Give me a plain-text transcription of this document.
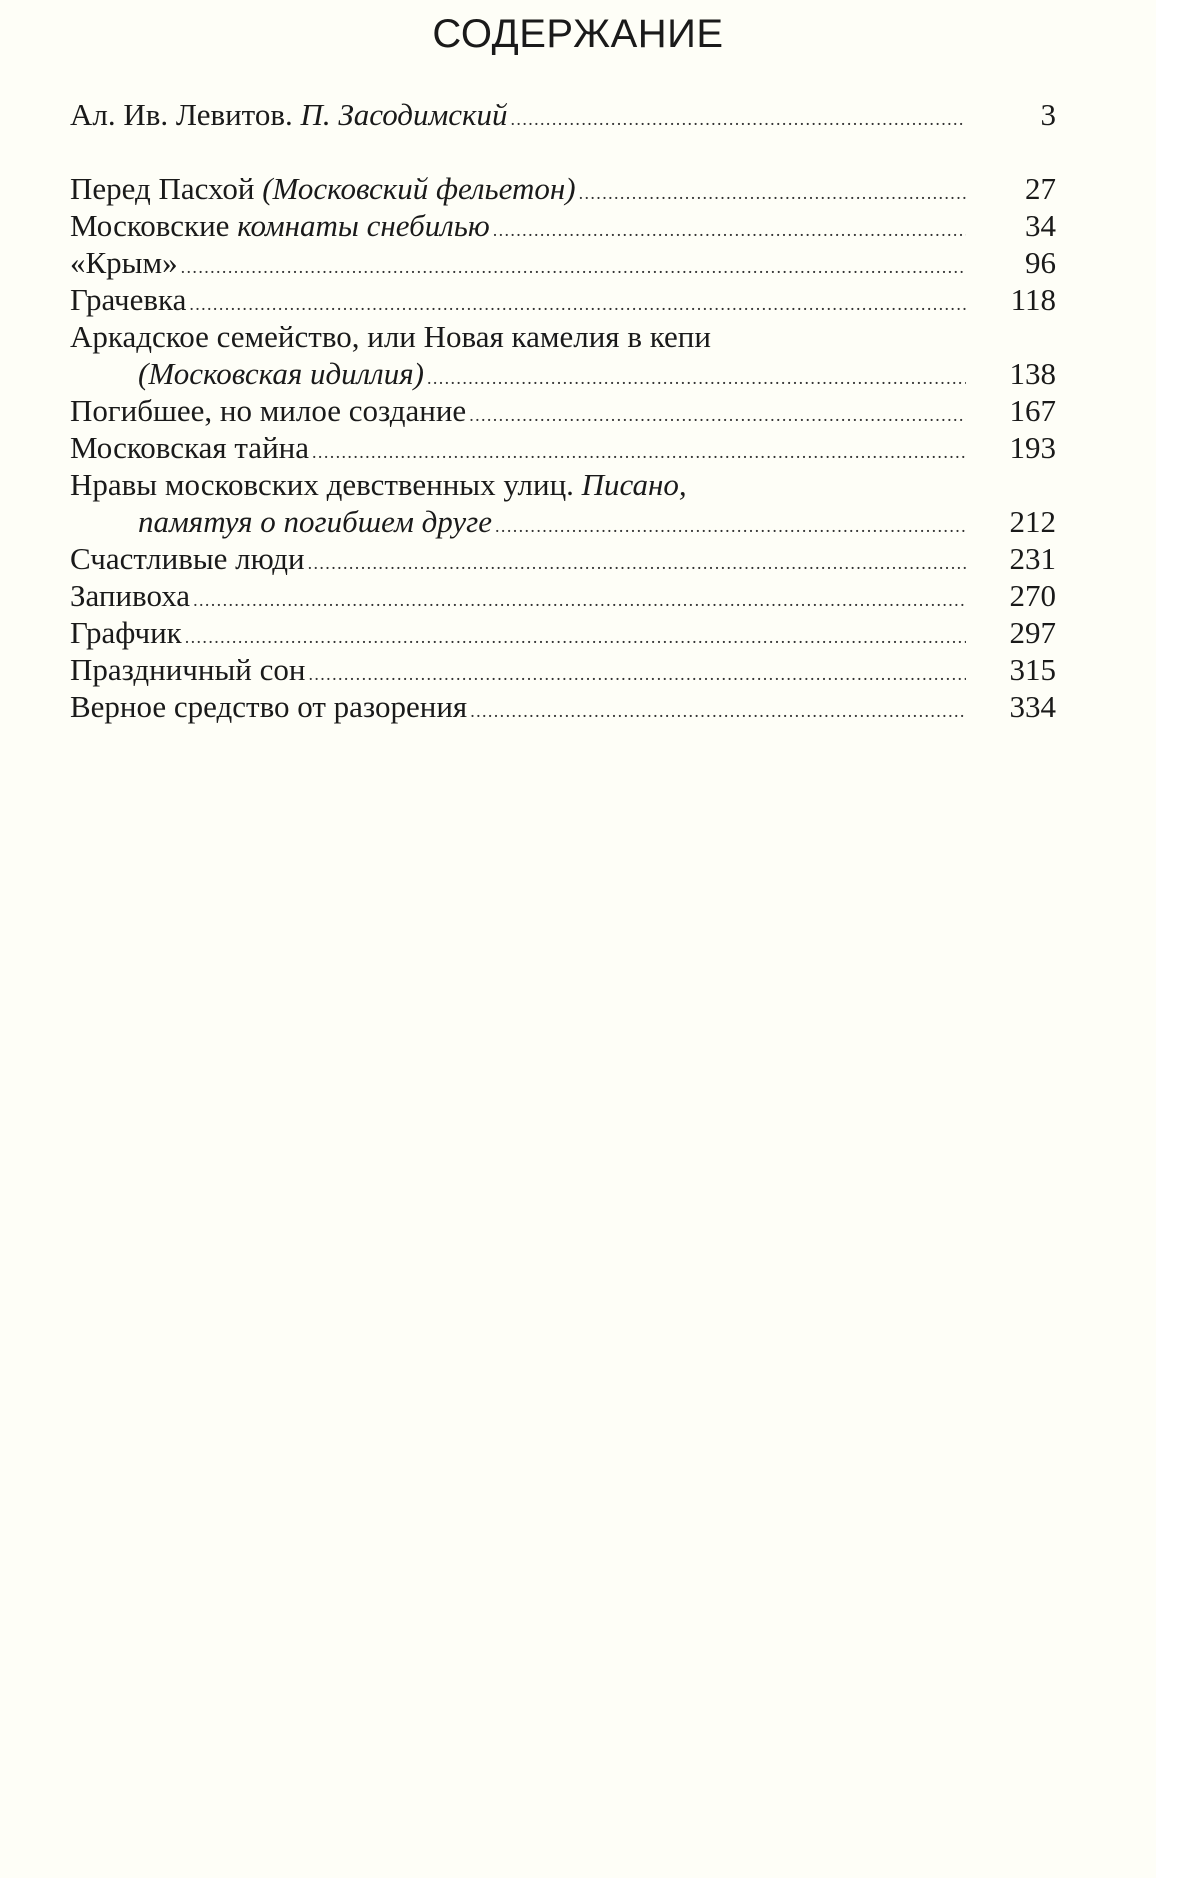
СОДЕРЖАНИЕ
Ал. Ив. Левитов. П. Засодимский .....	3
Перед Пасхой (Московский фельетон) .....	27
Московские комнаты снебилью .....	34
«Крым» .....	96
Грачевка .....	118
Аркадское семейство, или Новая камелия в кепи
(Московская идиллия) .....	138
Погибшее, но милое создание .....	167
Московская тайна .....	193
Нравы московских девственных улиц. Писано,
памятуя о погибшем друге .....	212
Счастливые люди .....	231
Запивоха .....	270
Графчик .....	297
Праздничный сон .....	315
Верное средство от разорения .....	334
